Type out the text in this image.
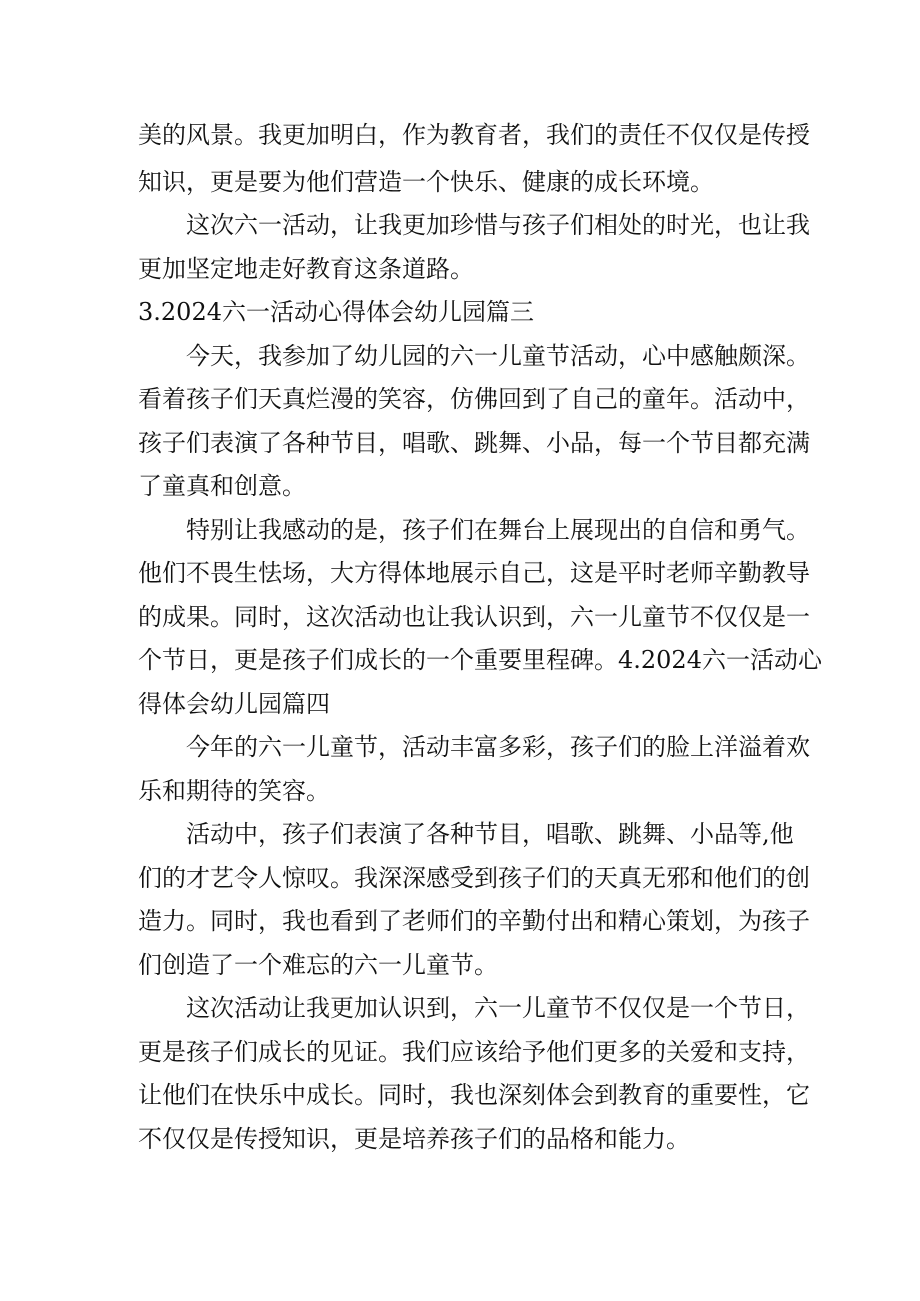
美的风景。我更加明白，作为教育者，我们的责任不仅仅是传授
知识，更是要为他们营造一个快乐、健康的成长环境。
这次六一活动，让我更加珍惜与孩子们相处的时光，也让我
更加坚定地走好教育这条道路。
3.2024六一活动心得体会幼儿园篇三
今天，我参加了幼儿园的六一儿童节活动，心中感触颇深。
看着孩子们天真烂漫的笑容，仿佛回到了自己的童年。活动中，
孩子们表演了各种节目，唱歌、跳舞、小品，每一个节目都充满
了童真和创意。
特别让我感动的是，孩子们在舞台上展现出的自信和勇气。
他们不畏生怯场，大方得体地展示自己，这是平时老师辛勤教导
的成果。同时，这次活动也让我认识到，六一儿童节不仅仅是一
个节日，更是孩子们成长的一个重要里程碑。4.2024六一活动心
得体会幼儿园篇四
今年的六一儿童节，活动丰富多彩，孩子们的脸上洋溢着欢
乐和期待的笑容。
活动中，孩子们表演了各种节目，唱歌、跳舞、小品等,他
们的才艺令人惊叹。我深深感受到孩子们的天真无邪和他们的创
造力。同时，我也看到了老师们的辛勤付出和精心策划，为孩子
们创造了一个难忘的六一儿童节。
这次活动让我更加认识到，六一儿童节不仅仅是一个节日，
更是孩子们成长的见证。我们应该给予他们更多的关爱和支持，
让他们在快乐中成长。同时，我也深刻体会到教育的重要性，它
不仅仅是传授知识，更是培养孩子们的品格和能力。
